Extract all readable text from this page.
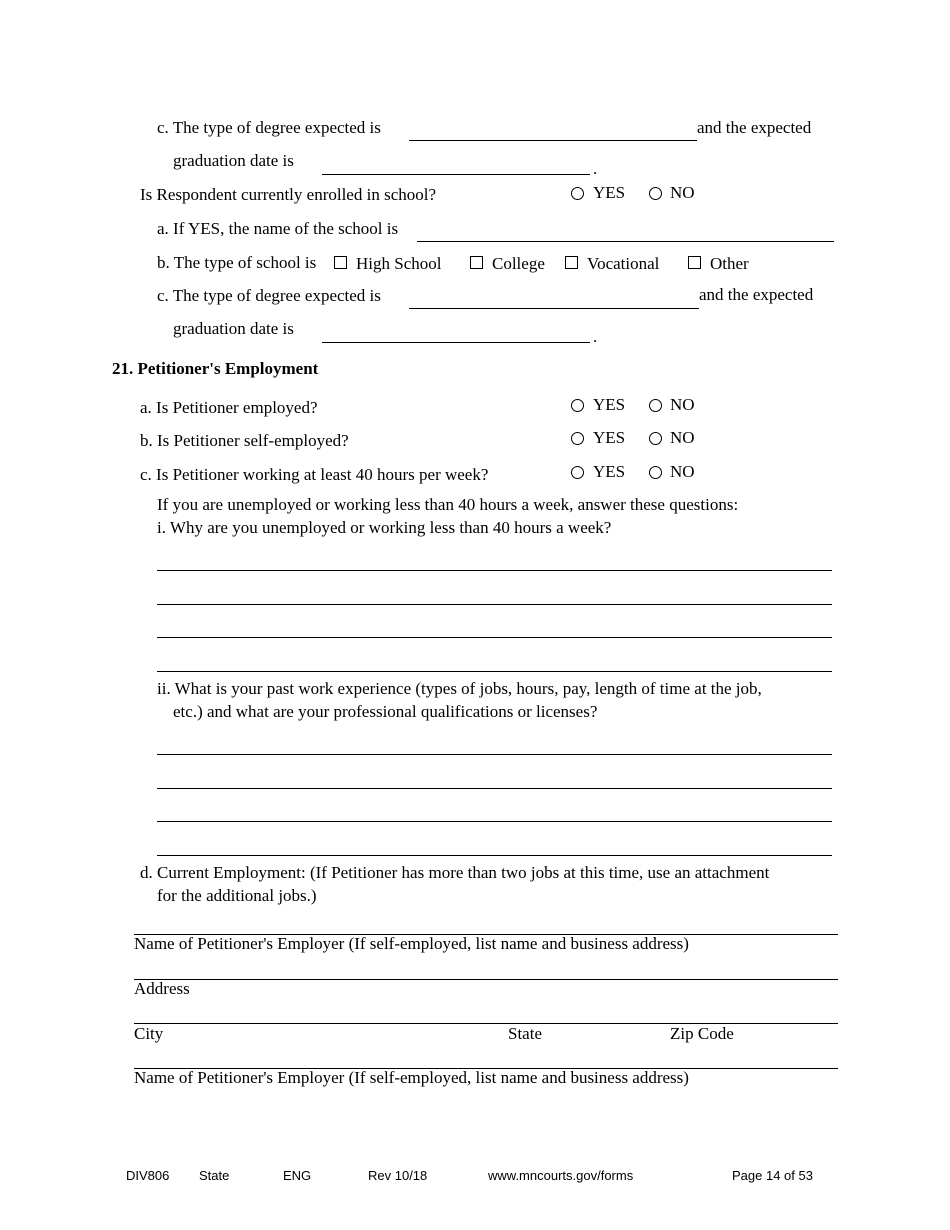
c. The type of degree expected is	and the expected
graduation date is	.
Is Respondent currently enrolled in school?	YES	NO
a. If YES, the name of the school is
b. The type of school is High School	College Vocational	Other
c. The type of degree expected is	and the expected
graduation date is	.
21. Petitioner's Employment
a. Is Petitioner employed?	YES	NO
b. Is Petitioner self-employed?	YES	NO
c. Is Petitioner working at least 40 hours per week?	YES	NO
If you are unemployed or working less than 40 hours a week, answer these questions:
i. Why are you unemployed or working less than 40 hours a week?
ii. What is your past work experience (types of jobs, hours, pay, length of time at the job,
etc.) and what are your professional qualifications or licenses?
d. Current Employment: (If Petitioner has more than two jobs at this time, use an attachment
for the additional jobs.)
Name of Petitioner's Employer (If self-employed, list name and business address)
Address
City	State	Zip Code
Name of Petitioner's Employer (If self-employed, list name and business address)
DIV806 State	ENG	Rev 10/18	www.mncourts.gov/forms	Page 14 of 53
